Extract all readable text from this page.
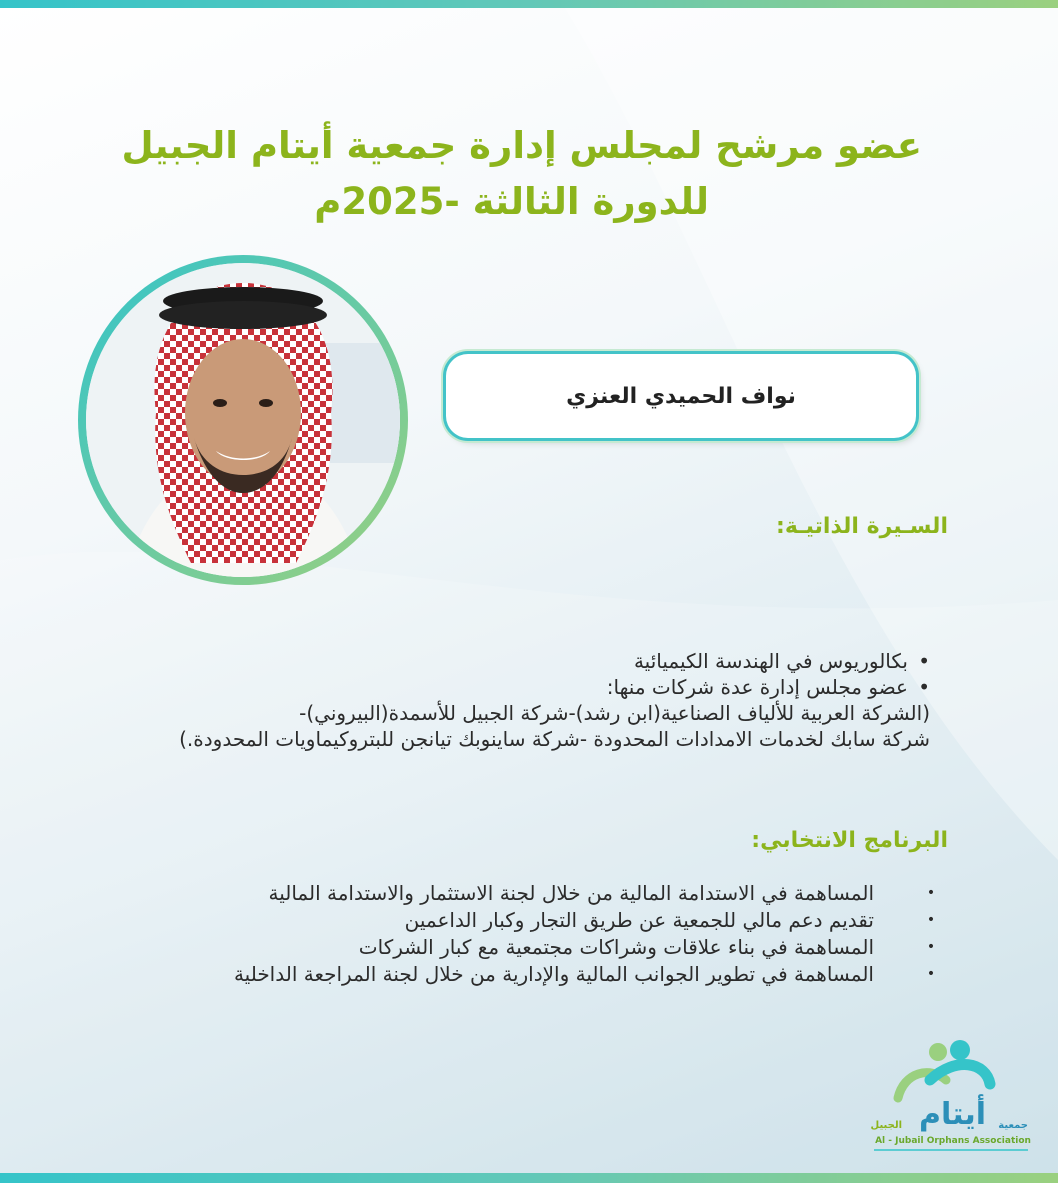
عضو مرشح لمجلس إدارة جمعية أيتام الجبيل
للدورة الثالثة -2025م
نواف الحميدي العنزي
السـيرة الذاتيـة:
•
بكالوريوس في الهندسة الكيميائية
•
عضو مجلس إدارة عدة شركات منها:
(الشركة العربية للألياف الصناعية(ابن رشد)-شركة الجبيل للأسمدة(البيروني)-
شركة سابك لخدمات الامدادات المحدودة -شركة ساينوبك تيانجن للبتروكيماويات المحدودة.)
البرنامج الانتخابي:
•
المساهمة في الاستدامة المالية من خلال لجنة الاستثمار والاستدامة المالية
•
تقديم دعم مالي للجمعية عن طريق التجار وكبار الداعمين
•
المساهمة في بناء علاقات وشراكات مجتمعية مع كبار الشركات
•
المساهمة في تطوير الجوانب المالية والإدارية من خلال لجنة المراجعة الداخلية
أيتام جمعية
الجبيل
Al - Jubail Orphans Association
